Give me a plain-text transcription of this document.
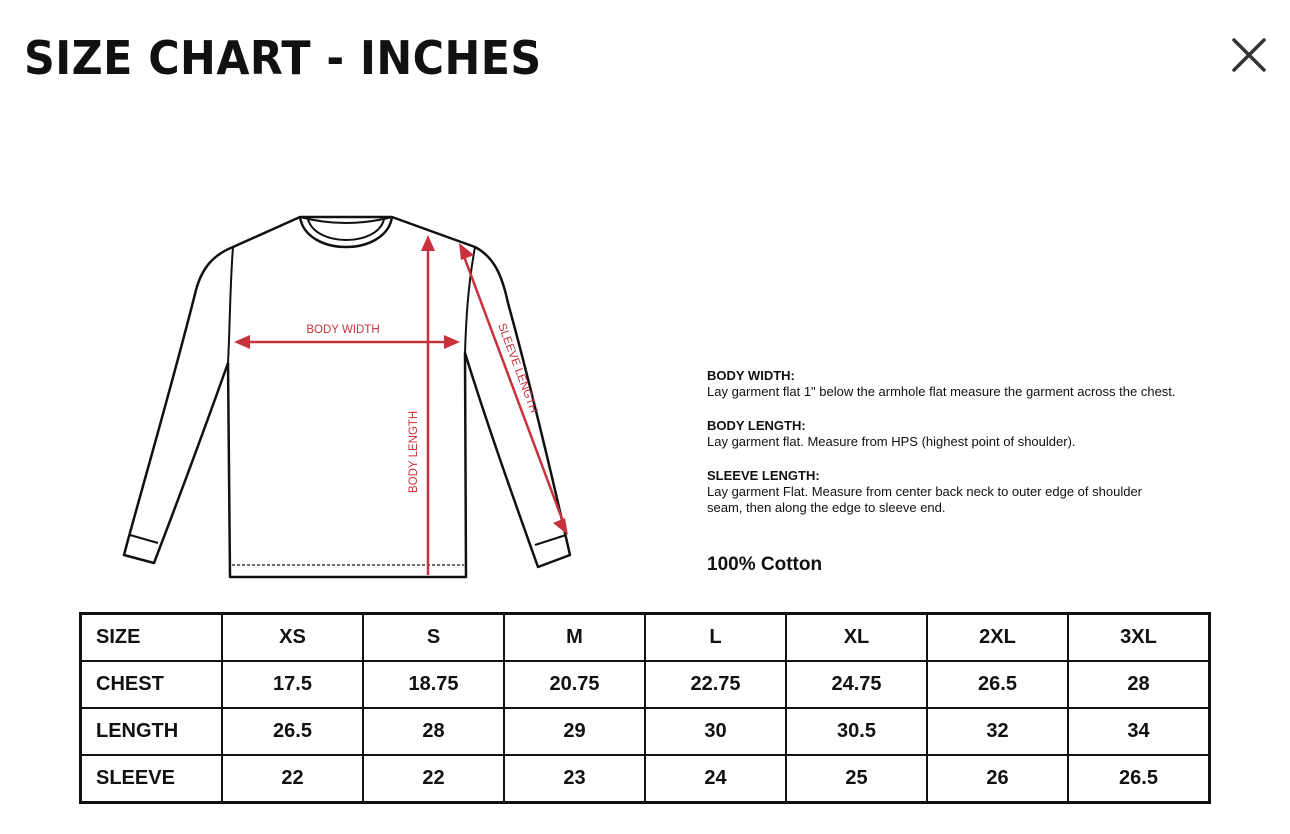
SIZE CHART - INCHES
BODY WIDTH
BODY LENGTH
SLEEVE LENGTH	BODY WIDTH:
Lay garment flat 1" below the armhole flat measure the garment across the chest.
BODY LENGTH:
Lay garment flat. Measure from HPS (highest point of shoulder).
SLEEVE LENGTH:
Lay garment Flat. Measure from center back neck to outer edge of shoulder seam, then along the edge to sleeve end.
100% Cotton
SIZE	XS	S	M	L	XL	2XL	3XL
CHEST	17.5	18.75	20.75	22.75	24.75	26.5	28
LENGTH	26.5	28	29	30	30.5	32	34
SLEEVE	22	22	23	24	25	26	26.5
